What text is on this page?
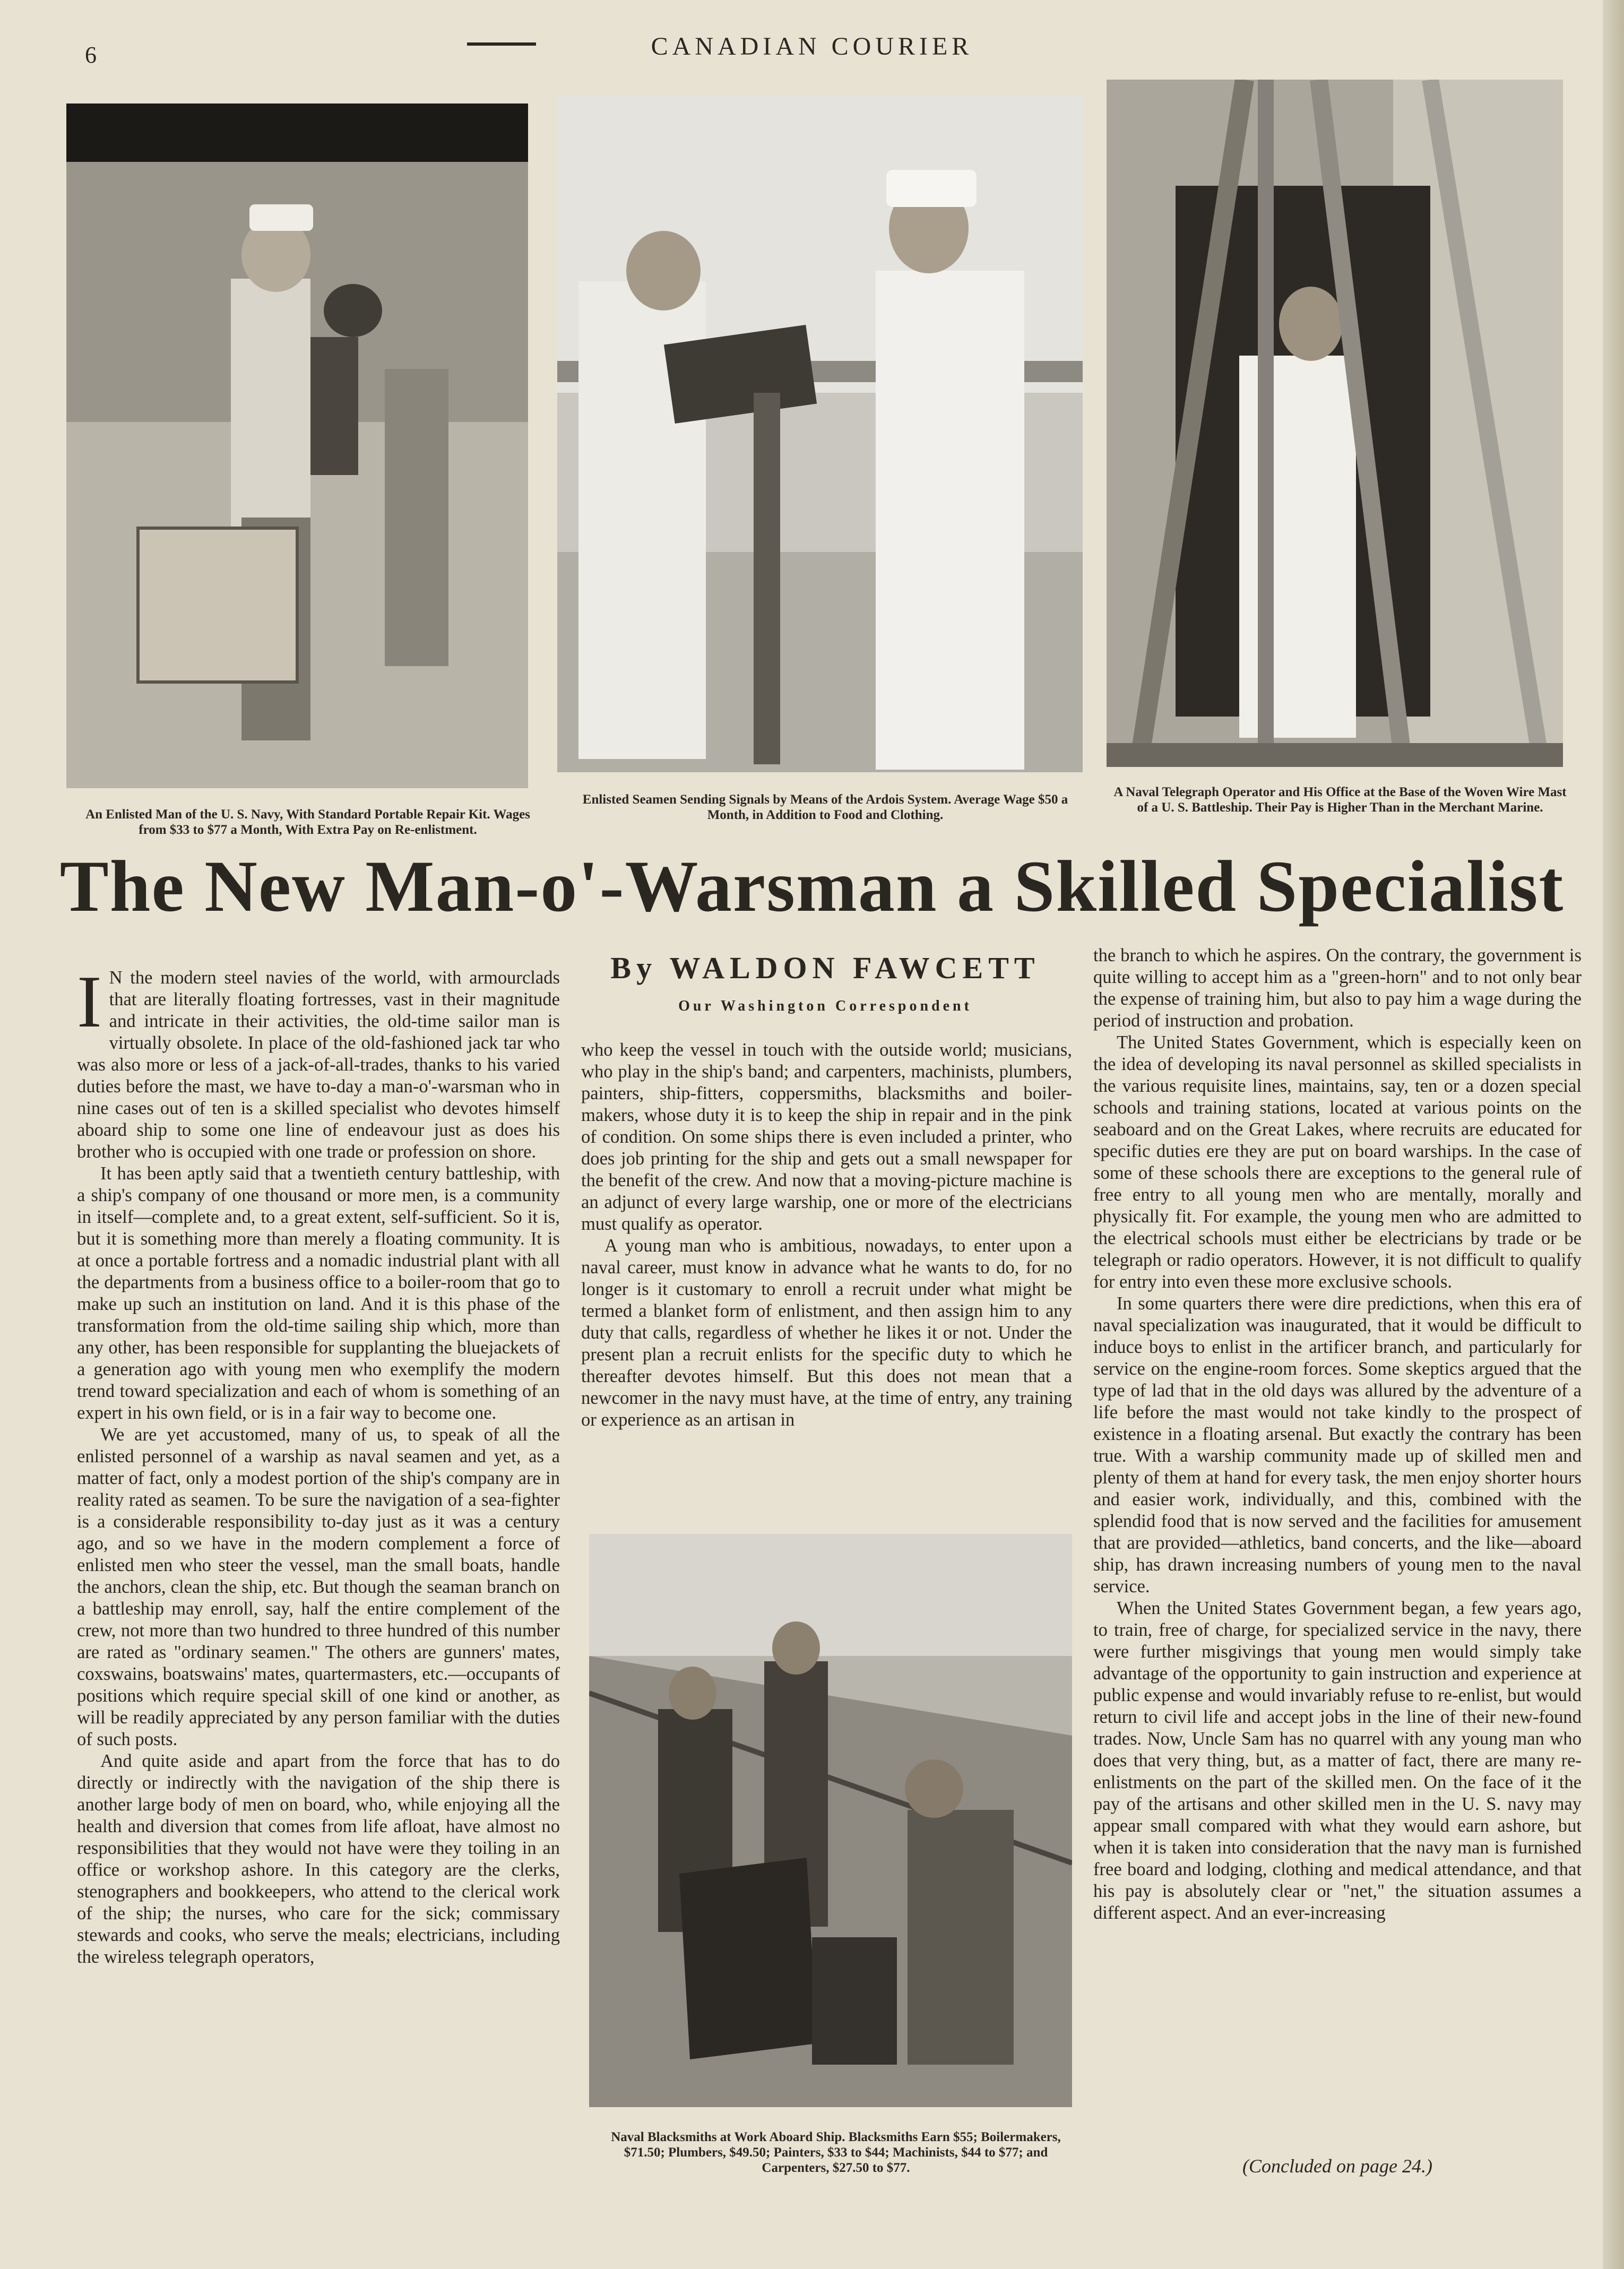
6	CANADIAN COURIER
An Enlisted Man of the U. S. Navy, With Standard Portable Repair Kit. Wages from $33 to $77 a Month, With Extra Pay on Re-enlistment.
Enlisted Seamen Sending Signals by Means of the Ardois System. Average Wage $50 a Month, in Addition to Food and Clothing.
A Naval Telegraph Operator and His Office at the Base of the Woven Wire Mast of a U. S. Battleship. Their Pay is Higher Than in the Merchant Marine.
The New Man-o'-Warsman a Skilled Specialist
By WALDON FAWCETT
Our Washington Correspondent

I N the modern steel navies of the world, with armourclads that are literally floating fortresses, vast in their magnitude and intricate in their activities, the old-time sailor man is virtually obsolete. In place of the old-fashioned jack tar who was also more or less of a jack-of-all-trades, thanks to his varied duties before the mast, we have to-day a man-o'-warsman who in nine cases out of ten is a skilled specialist who devotes himself aboard ship to some one line of endeavour just as does his brother who is occupied with one trade or profession on shore.

It has been aptly said that a twentieth century battleship, with a ship's company of one thousand or more men, is a community in itself—complete and, to a great extent, self-sufficient. So it is, but it is something more than merely a floating community. It is at once a portable fortress and a nomadic industrial plant with all the departments from a business office to a boiler-room that go to make up such an institution on land. And it is this phase of the transformation from the old-time sailing ship which, more than any other, has been responsible for supplanting the bluejackets of a generation ago with young men who exemplify the modern trend toward specialization and each of whom is something of an expert in his own field, or is in a fair way to become one.

We are yet accustomed, many of us, to speak of all the enlisted personnel of a warship as naval seamen and yet, as a matter of fact, only a modest portion of the ship's company are in reality rated as seamen. To be sure the navigation of a sea-fighter is a considerable responsibility to-day just as it was a century ago, and so we have in the modern complement a force of enlisted men who steer the vessel, man the small boats, handle the anchors, clean the ship, etc. But though the seaman branch on a battleship may enroll, say, half the entire complement of the crew, not more than two hundred to three hundred of this number are rated as "ordinary seamen." The others are gunners' mates, coxswains, boatswains' mates, quartermasters, etc.—occupants of positions which require special skill of one kind or another, as will be readily appreciated by any person familiar with the duties of such posts.

And quite aside and apart from the force that has to do directly or indirectly with the navigation of the ship there is another large body of men on board, who, while enjoying all the health and diversion that comes from life afloat, have almost no responsibilities that they would not have were they toiling in an office or workshop ashore. In this category are the clerks, stenographers and bookkeepers, who attend to the clerical work of the ship; the nurses, who care for the sick; commissary stewards and cooks, who serve the meals; electricians, including the wireless telegraph operators,

who keep the vessel in touch with the outside world; musicians, who play in the ship's band; and carpenters, machinists, plumbers, painters, ship-fitters, coppersmiths, blacksmiths and boiler-makers, whose duty it is to keep the ship in repair and in the pink of condition. On some ships there is even included a printer, who does job printing for the ship and gets out a small newspaper for the benefit of the crew. And now that a moving-picture machine is an adjunct of every large warship, one or more of the electricians must qualify as operator.

A young man who is ambitious, nowadays, to enter upon a naval career, must know in advance what he wants to do, for no longer is it customary to enroll a recruit under what might be termed a blanket form of enlistment, and then assign him to any duty that calls, regardless of whether he likes it or not. Under the present plan a recruit enlists for the specific duty to which he thereafter devotes himself. But this does not mean that a newcomer in the navy must have, at the time of entry, any training or experience as an artisan in

Naval Blacksmiths at Work Aboard Ship. Blacksmiths Earn $55; Boilermakers, $71.50; Plumbers, $49.50; Painters, $33 to $44; Machinists, $44 to $77; and Carpenters, $27.50 to $77.

the branch to which he aspires. On the contrary, the government is quite willing to accept him as a "green-horn" and to not only bear the expense of training him, but also to pay him a wage during the period of instruction and probation.

The United States Government, which is especially keen on the idea of developing its naval personnel as skilled specialists in the various requisite lines, maintains, say, ten or a dozen special schools and training stations, located at various points on the seaboard and on the Great Lakes, where recruits are educated for specific duties ere they are put on board warships. In the case of some of these schools there are exceptions to the general rule of free entry to all young men who are mentally, morally and physically fit. For example, the young men who are admitted to the electrical schools must either be electricians by trade or be telegraph or radio operators. However, it is not difficult to qualify for entry into even these more exclusive schools.

In some quarters there were dire predictions, when this era of naval specialization was inaugurated, that it would be difficult to induce boys to enlist in the artificer branch, and particularly for service on the engine-room forces. Some skeptics argued that the type of lad that in the old days was allured by the adventure of a life before the mast would not take kindly to the prospect of existence in a floating arsenal. But exactly the contrary has been true. With a warship community made up of skilled men and plenty of them at hand for every task, the men enjoy shorter hours and easier work, individually, and this, combined with the splendid food that is now served and the facilities for amusement that are provided—athletics, band concerts, and the like—aboard ship, has drawn increasing numbers of young men to the naval service.

When the United States Government began, a few years ago, to train, free of charge, for specialized service in the navy, there were further misgivings that young men would simply take advantage of the opportunity to gain instruction and experience at public expense and would invariably refuse to re-enlist, but would return to civil life and accept jobs in the line of their new-found trades. Now, Uncle Sam has no quarrel with any young man who does that very thing, but, as a matter of fact, there are many re-enlistments on the part of the skilled men. On the face of it the pay of the artisans and other skilled men in the U. S. navy may appear small compared with what they would earn ashore, but when it is taken into consideration that the navy man is furnished free board and lodging, clothing and medical attendance, and that his pay is absolutely clear or "net," the situation assumes a different aspect. And an ever-increasing

(Concluded on page 24.)
